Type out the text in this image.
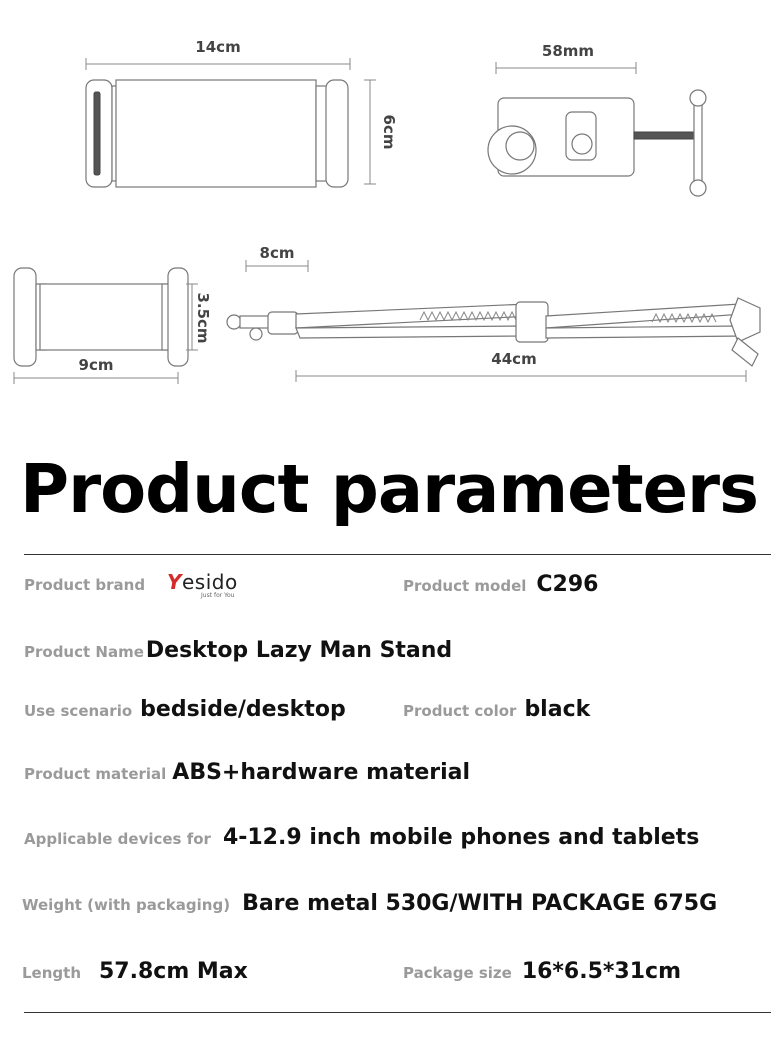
14cm
6cm
58mm
9cm
3.5cm
8cm
44cm
Product parameters
Product brand Yesido
Just for You
Product model C296
Product Name Desktop Lazy Man Stand
Use scenario bedside/desktop	Product color black
Product material ABS+hardware material
Applicable devices for 4-12.9 inch mobile phones and tablets
Weight (with packaging) Bare metal 530G/WITH PACKAGE 675G
Length 57.8cm Max	Package size 16*6.5*31cm
